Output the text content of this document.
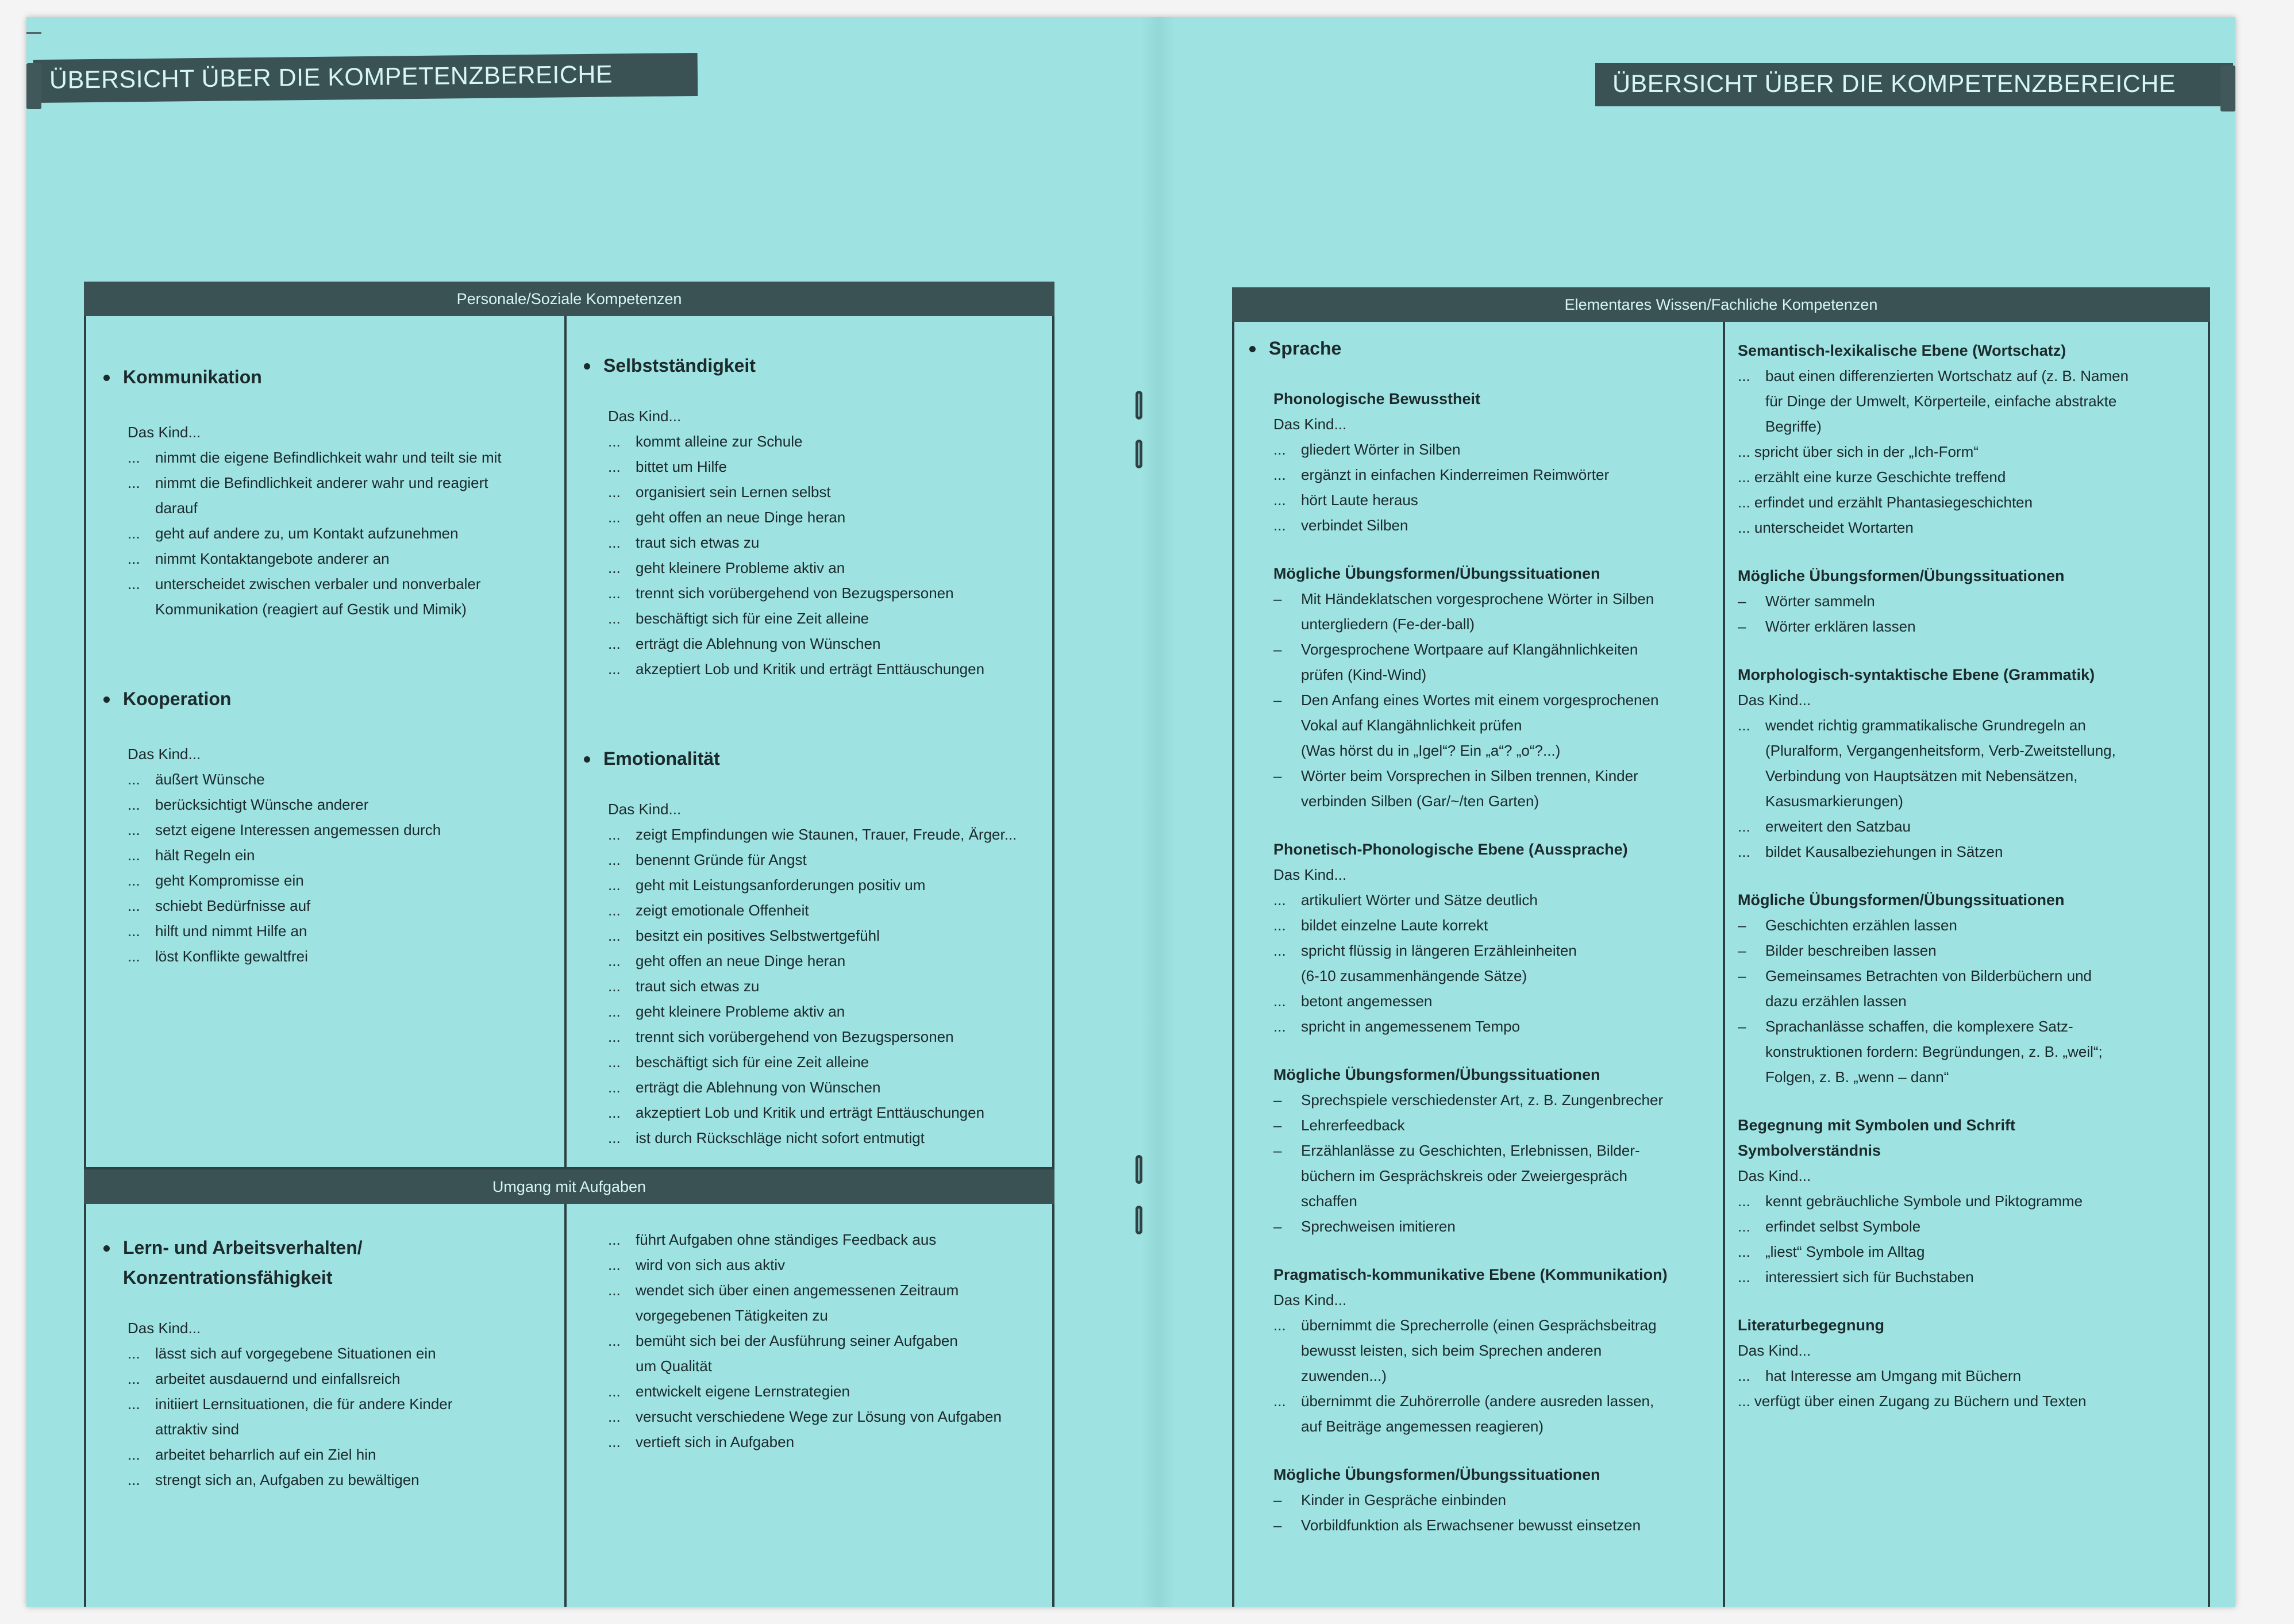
ÜBERSICHT ÜBER DIE KOMPETENZBEREICHE	ÜBERSICHT ÜBER DIE KOMPETENZBEREICHE
Personale/Soziale Kompetenzen
Kommunikation
Das Kind...
...	nimmt die eigene Befindlichkeit wahr und teilt sie mit
...	nimmt die Befindlichkeit anderer wahr und reagiert
darauf
...	geht auf andere zu, um Kontakt aufzunehmen
...	nimmt Kontaktangebote anderer an
...	unterscheidet zwischen verbaler und nonverbaler
Kommunikation (reagiert auf Gestik und Mimik)
Kooperation
Das Kind...
...	äußert Wünsche
...	berücksichtigt Wünsche anderer
...	setzt eigene Interessen angemessen durch
...	hält Regeln ein
...	geht Kompromisse ein
...	schiebt Bedürfnisse auf
...	hilft und nimmt Hilfe an
...	löst Konflikte gewaltfrei
Selbstständigkeit
Das Kind...
...	kommt alleine zur Schule
...	bittet um Hilfe
...	organisiert sein Lernen selbst
...	geht offen an neue Dinge heran
...	traut sich etwas zu
...	geht kleinere Probleme aktiv an
...	trennt sich vorübergehend von Bezugspersonen
...	beschäftigt sich für eine Zeit alleine
...	erträgt die Ablehnung von Wünschen
...	akzeptiert Lob und Kritik und erträgt Enttäuschungen
Emotionalität
Das Kind...
...	zeigt Empfindungen wie Staunen, Trauer, Freude, Ärger...
...	benennt Gründe für Angst
...	geht mit Leistungsanforderungen positiv um
...	zeigt emotionale Offenheit
...	besitzt ein positives Selbstwertgefühl
...	geht offen an neue Dinge heran
...	traut sich etwas zu
...	geht kleinere Probleme aktiv an
...	trennt sich vorübergehend von Bezugspersonen
...	beschäftigt sich für eine Zeit alleine
...	erträgt die Ablehnung von Wünschen
...	akzeptiert Lob und Kritik und erträgt Enttäuschungen
...	ist durch Rückschläge nicht sofort entmutigt
Umgang mit Aufgaben
Lern- und Arbeitsverhalten/
Konzentrationsfähigkeit
Das Kind...
...	lässt sich auf vorgegebene Situationen ein
...	arbeitet ausdauernd und einfallsreich
...	initiiert Lernsituationen, die für andere Kinder
attraktiv sind
...	arbeitet beharrlich auf ein Ziel hin
...	strengt sich an, Aufgaben zu bewältigen
...	führt Aufgaben ohne ständiges Feedback aus
...	wird von sich aus aktiv
...	wendet sich über einen angemessenen Zeitraum
vorgegebenen Tätigkeiten zu
...	bemüht sich bei der Ausführung seiner Aufgaben
um Qualität
...	entwickelt eigene Lernstrategien
...	versucht verschiedene Wege zur Lösung von Aufgaben
...	vertieft sich in Aufgaben
Elementares Wissen/Fachliche Kompetenzen
Sprache
Phonologische Bewusstheit
Das Kind...
...	gliedert Wörter in Silben
...	ergänzt in einfachen Kinderreimen Reimwörter
...	hört Laute heraus
...	verbindet Silben
Mögliche Übungsformen/Übungssituationen
–	Mit Händeklatschen vorgesprochene Wörter in Silben
untergliedern (Fe-der-ball)
–	Vorgesprochene Wortpaare auf Klangähnlichkeiten
prüfen (Kind-Wind)
–	Den Anfang eines Wortes mit einem vorgesprochenen
Vokal auf Klangähnlichkeit prüfen
(Was hörst du in „Igel“? Ein „a“? „o“?...)
–	Wörter beim Vorsprechen in Silben trennen, Kinder
verbinden Silben (Gar/~/ten Garten)
Phonetisch-Phonologische Ebene (Aussprache)
Das Kind...
...	artikuliert Wörter und Sätze deutlich
...	bildet einzelne Laute korrekt
...	spricht flüssig in längeren Erzähleinheiten
(6-10 zusammenhängende Sätze)
...	betont angemessen
...	spricht in angemessenem Tempo
Mögliche Übungsformen/Übungssituationen
–	Sprechspiele verschiedenster Art, z. B. Zungenbrecher
–	Lehrerfeedback
–	Erzählanlässe zu Geschichten, Erlebnissen, Bilder-
büchern im Gesprächskreis oder Zweiergespräch
schaffen
–	Sprechweisen imitieren
Pragmatisch-kommunikative Ebene (Kommunikation)
Das Kind...
...	übernimmt die Sprecherrolle (einen Gesprächsbeitrag
bewusst leisten, sich beim Sprechen anderen
zuwenden...)
...	übernimmt die Zuhörerrolle (andere ausreden lassen,
auf Beiträge angemessen reagieren)
Mögliche Übungsformen/Übungssituationen
–	Kinder in Gespräche einbinden
–	Vorbildfunktion als Erwachsener bewusst einsetzen
Semantisch-lexikalische Ebene (Wortschatz)
...	baut einen differenzierten Wortschatz auf (z. B. Namen
für Dinge der Umwelt, Körperteile, einfache abstrakte
Begriffe)
... spricht über sich in der „Ich-Form“
... erzählt eine kurze Geschichte treffend
... erfindet und erzählt Phantasiegeschichten
... unterscheidet Wortarten
Mögliche Übungsformen/Übungssituationen
–	Wörter sammeln
–	Wörter erklären lassen
Morphologisch-syntaktische Ebene (Grammatik)
Das Kind...
...	wendet richtig grammatikalische Grundregeln an
(Pluralform, Vergangenheitsform, Verb-Zweitstellung,
Verbindung von Hauptsätzen mit Nebensätzen,
Kasusmarkierungen)
...	erweitert den Satzbau
...	bildet Kausalbeziehungen in Sätzen
Mögliche Übungsformen/Übungssituationen
–	Geschichten erzählen lassen
–	Bilder beschreiben lassen
–	Gemeinsames Betrachten von Bilderbüchern und
dazu erzählen lassen
–	Sprachanlässe schaffen, die komplexere Satz-
konstruktionen fordern: Begründungen, z. B. „weil“;
Folgen, z. B. „wenn – dann“
Begegnung mit Symbolen und Schrift
Symbolverständnis
Das Kind...
...	kennt gebräuchliche Symbole und Piktogramme
...	erfindet selbst Symbole
...	„liest“ Symbole im Alltag
...	interessiert sich für Buchstaben
Literaturbegegnung
Das Kind...
...	hat Interesse am Umgang mit Büchern
... verfügt über einen Zugang zu Büchern und Texten
